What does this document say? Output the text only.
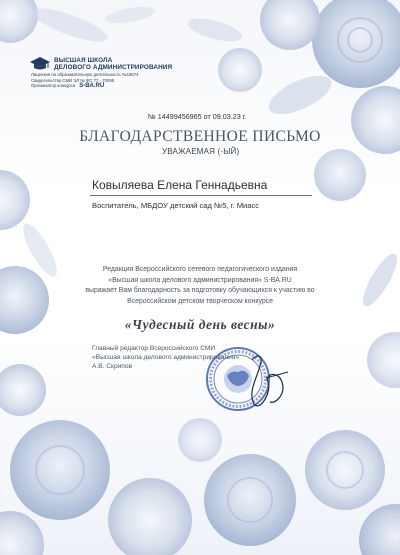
ВЫСШАЯ ШКОЛА
ДЕЛОВОГО АДМИНИСТРИРОВАНИЯ
Лицензия на образовательную деятельность №19674
Свидетельство СМИ ЭЛ № ФС 77 - 70095
Организатор конкурса S-BA.RU
№ 14499456965 от 09.03.23 г.
БЛАГОДАРСТВЕННОЕ ПИСЬМО
УВАЖАЕМАЯ (-ЫЙ)
Ковыляева Елена Геннадьевна
Воспитатель, МБДОУ детский сад №5, г. Миасс
Редакция Всероссийского сетевого педагогического издания
«Высшая школа делового администрирования» S-BA.RU
выражает Вам благодарность за подготовку обучающихся к участию во
Всероссийском детском творческом конкурсе
«Чудесный день весны»
Главный редактор Всероссийского СМИ
«Высшая школа делового администрирования»
А.В. Скрипов
